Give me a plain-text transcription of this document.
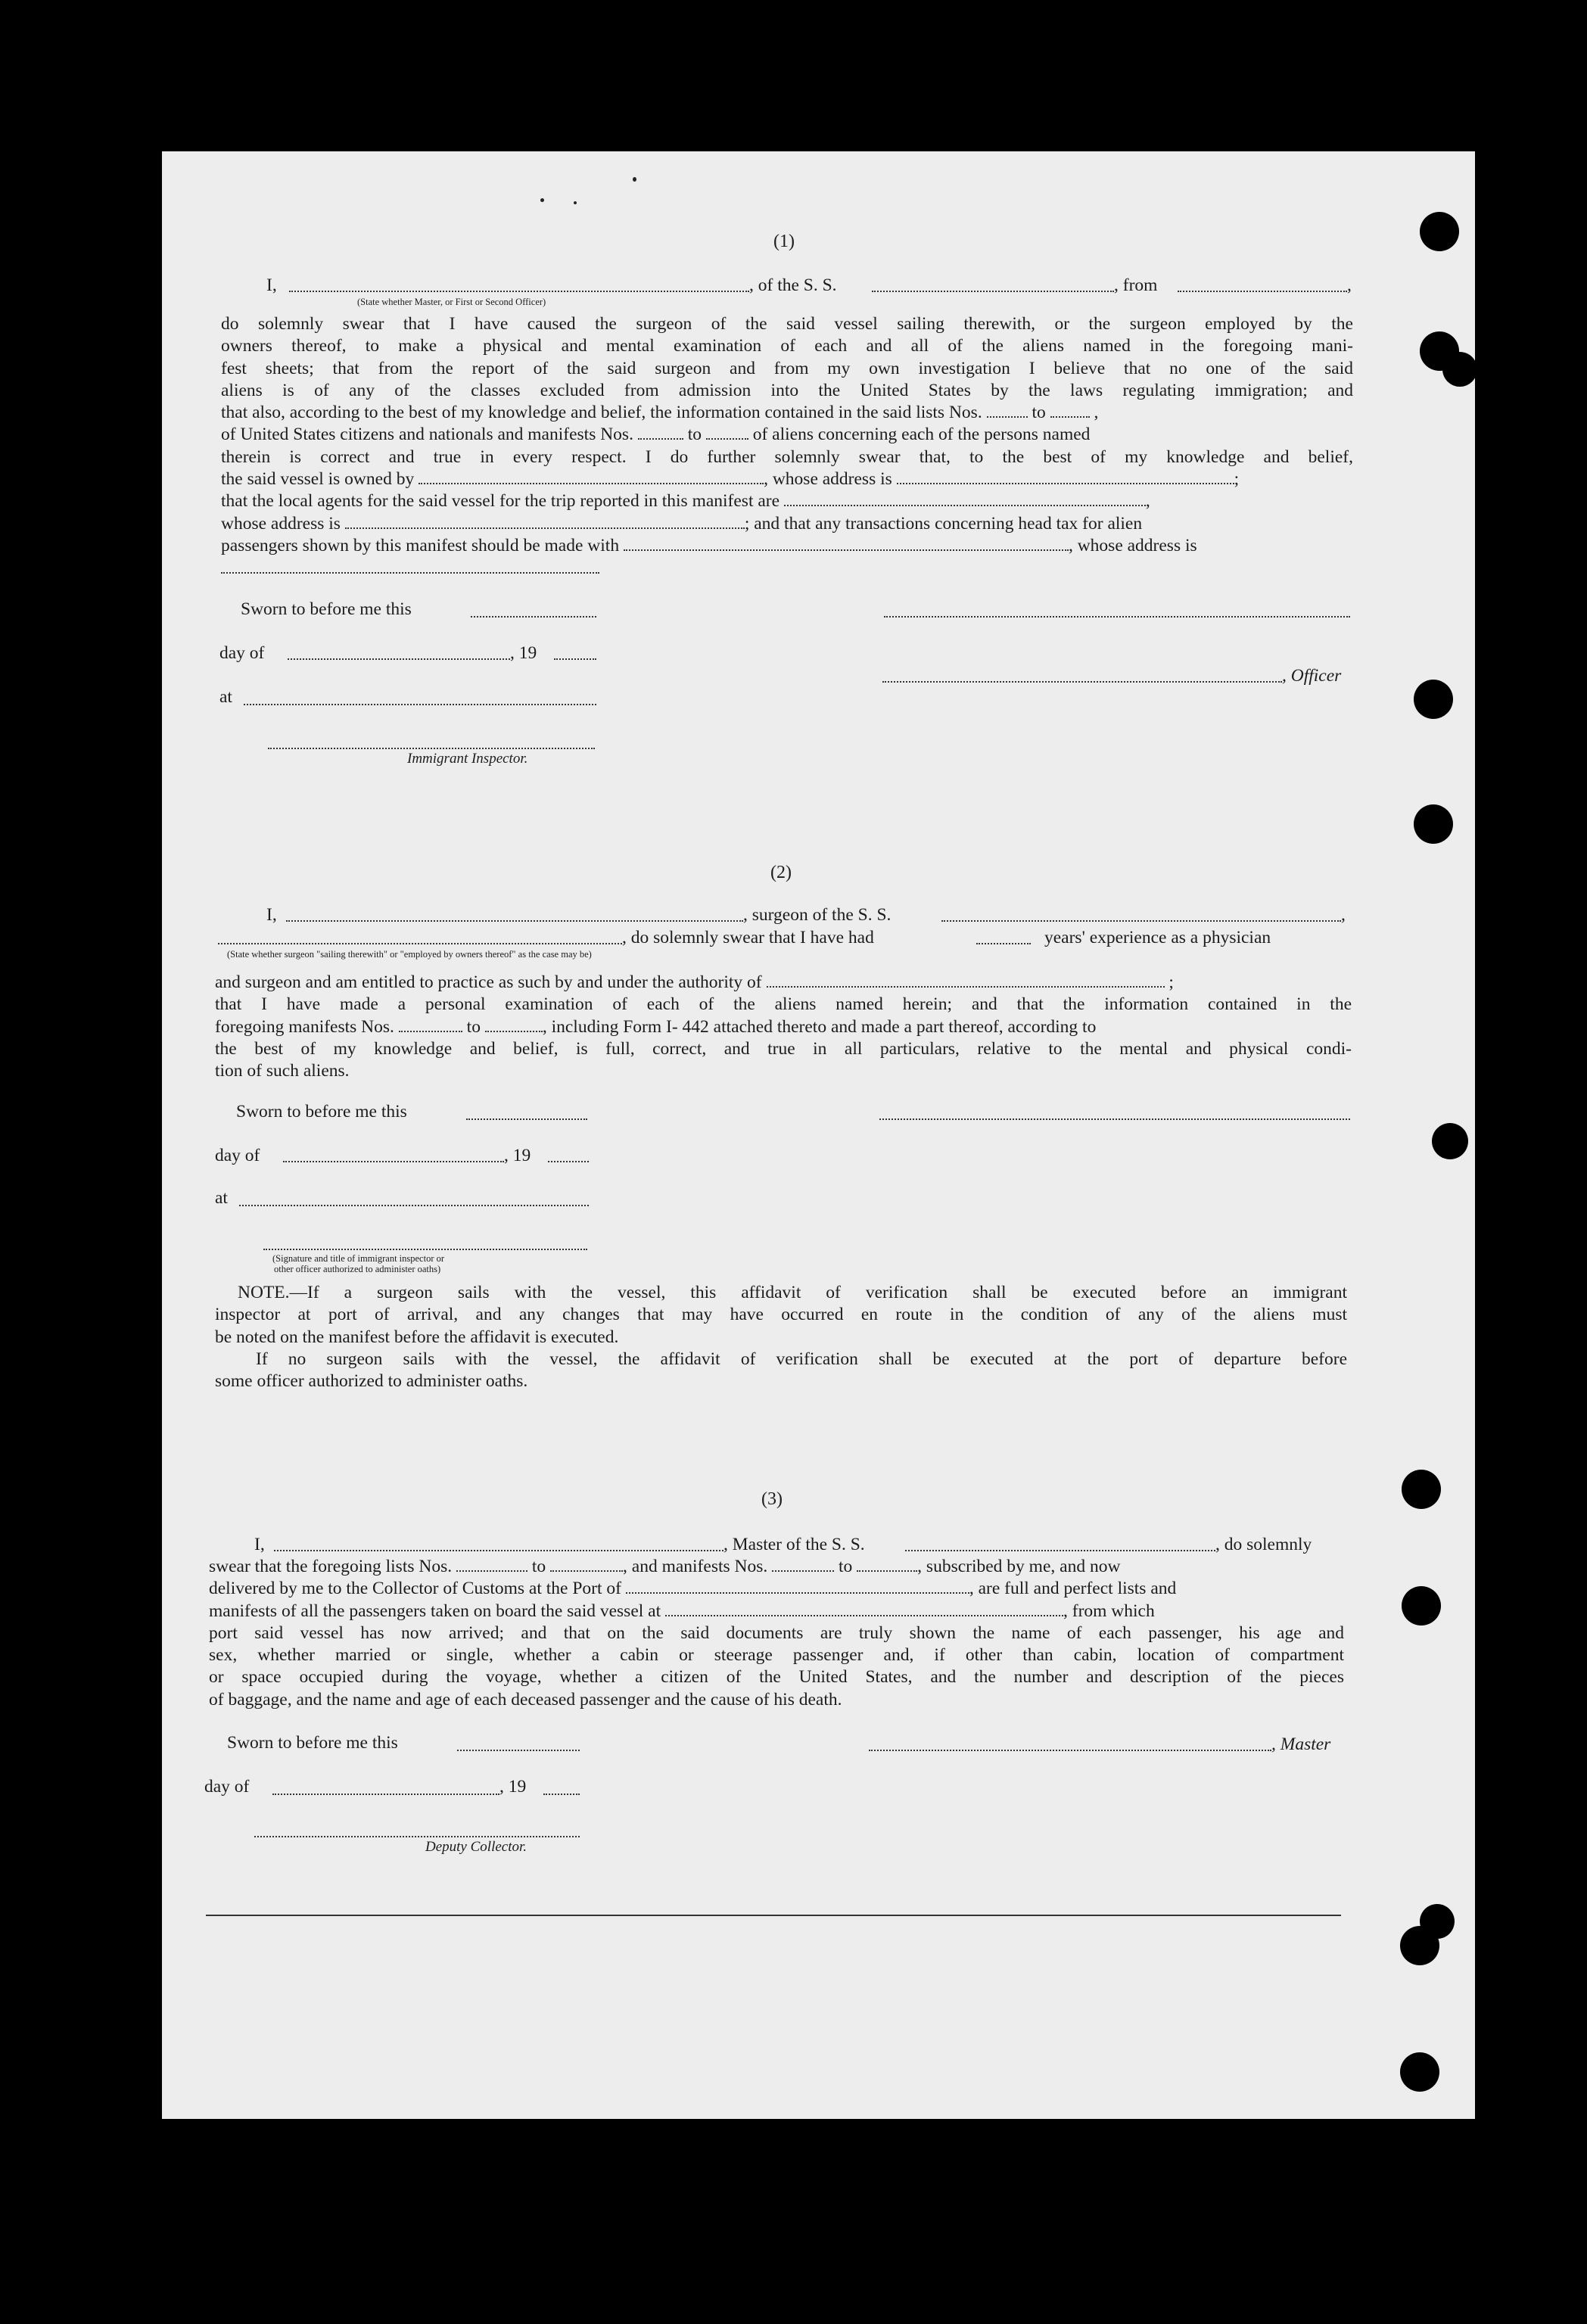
(1)
I,	, of the S. S.	, from	,
(State whether Master, or First or Second Officer)

do solemnly swear that I have caused the surgeon of the said vessel sailing therewith, or the surgeon employed by the

owners thereof, to make a physical and mental examination of each and all of the aliens named in the foregoing mani-

fest sheets; that from the report of the said surgeon and from my own investigation I believe that no one of the said

aliens is of any of the classes excluded from admission into the United States by the laws regulating immigration; and

that also, according to the best of my knowledge and belief, the information contained in the said lists Nos.	to  ,

of United States citizens and nationals and manifests Nos.	to	of aliens concerning each of the persons named

therein is correct and true in every respect. I do further solemnly swear that, to the best of my knowledge and belief,

the said vessel is owned by	, whose address is	;

that the local agents for the said vessel for the trip reported in this manifest are	,

whose address is	; and that any transactions concerning head tax for alien

passengers shown by this manifest should be made with	, whose address is

Sworn to before me this
day of	, 19
at
, Officer
Immigrant Inspector.
(2)
I,	, surgeon of the S. S.	,
, do solemnly swear that I have had	years' experience as a physician
(State whether surgeon "sailing therewith" or "employed by owners thereof" as the case may be)

and surgeon and am entitled to practice as such by and under the authority of	;

that I have made a personal examination of each of the aliens named herein; and that the information contained in the

foregoing manifests Nos.	to	, including Form I- 442 attached thereto and made a part thereof, according to

the best of my knowledge and belief, is full, correct, and true in all particulars, relative to the mental and physical condi-

tion of such aliens.

Sworn to before me this
day of	, 19
at
(Signature and title of immigrant inspector or
other officer authorized to administer oaths)

NOTE.—If a surgeon sails with the vessel, this affidavit of verification shall be executed before an immigrant

inspector at port of arrival, and any changes that may have occurred en route in the condition of any of the aliens must

be noted on the manifest before the affidavit is executed.

If no surgeon sails with the vessel, the affidavit of verification shall be executed at the port of departure before

some officer authorized to administer oaths.

(3)
I,	, Master of the S. S.	, do solemnly

swear that the foregoing lists Nos.	to	, and manifests Nos.	to	, subscribed by me, and now

delivered by me to the Collector of Customs at the Port of	, are full and perfect lists and

manifests of all the passengers taken on board the said vessel at	, from which

port said vessel has now arrived; and that on the said documents are truly shown the name of each passenger, his age and

sex, whether married or single, whether a cabin or steerage passenger and, if other than cabin, location of compartment

or space occupied during the voyage, whether a citizen of the United States, and the number and description of the pieces

of baggage, and the name and age of each deceased passenger and the cause of his death.

Sworn to before me this	, Master
day of	, 19
Deputy Collector.
